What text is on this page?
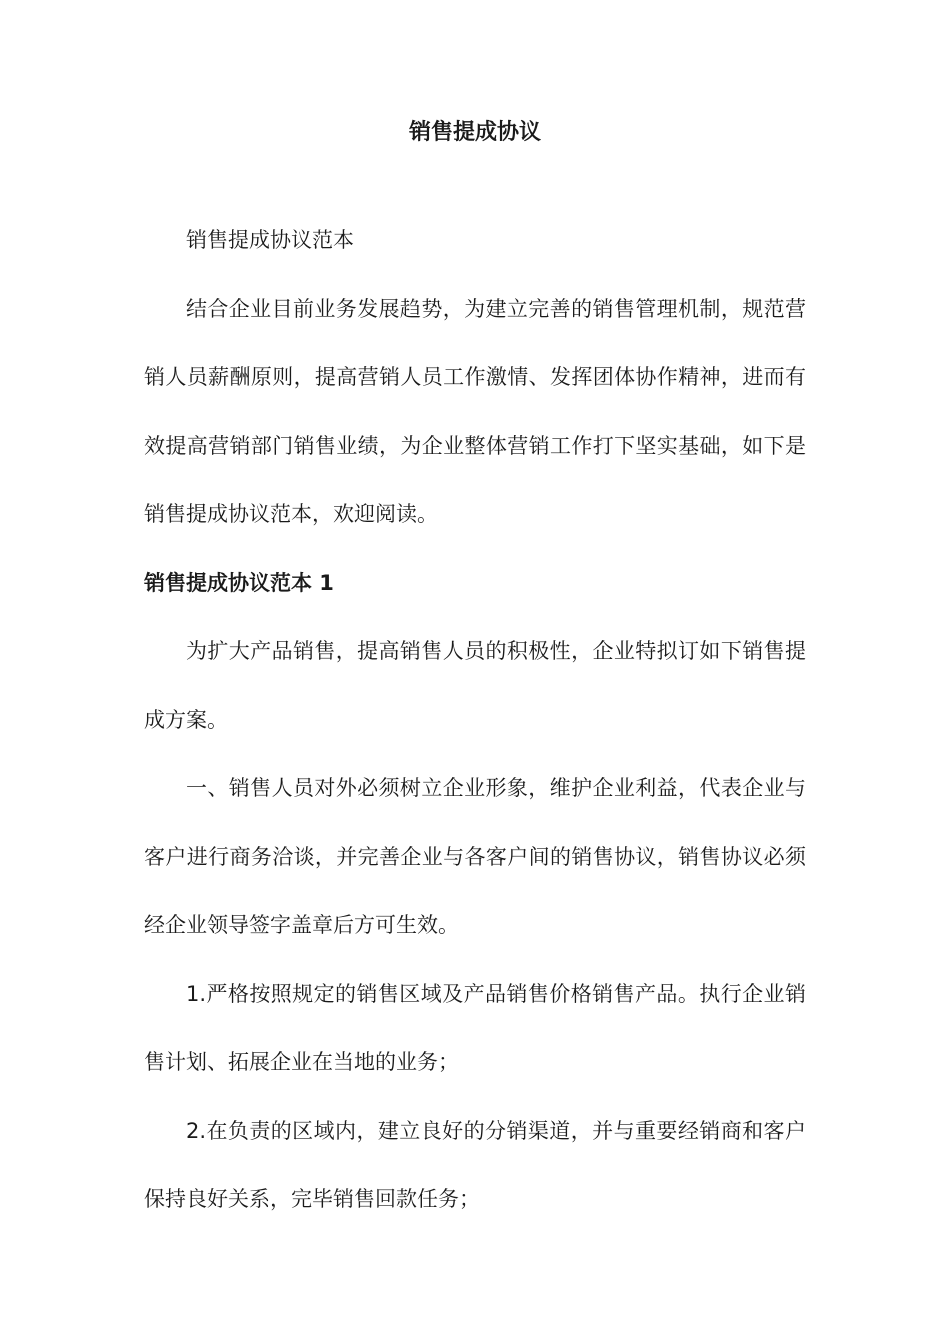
销售提成协议

销售提成协议范本

结合企业目前业务发展趋势，为建立完善的销售管理机制，规范营销人员薪酬原则，提高营销人员工作激情、发挥团体协作精神，进而有效提高营销部门销售业绩，为企业整体营销工作打下坚实基础，如下是销售提成协议范本，欢迎阅读。

销售提成协议范本 1

为扩大产品销售，提高销售人员的积极性，企业特拟订如下销售提成方案。

一、销售人员对外必须树立企业形象，维护企业利益，代表企业与客户进行商务洽谈，并完善企业与各客户间的销售协议，销售协议必须经企业领导签字盖章后方可生效。

1.严格按照规定的销售区域及产品销售价格销售产品。执行企业销售计划、拓展企业在当地的业务；

2.在负责的区域内，建立良好的分销渠道，并与重要经销商和客户保持良好关系，完毕销售回款任务；
